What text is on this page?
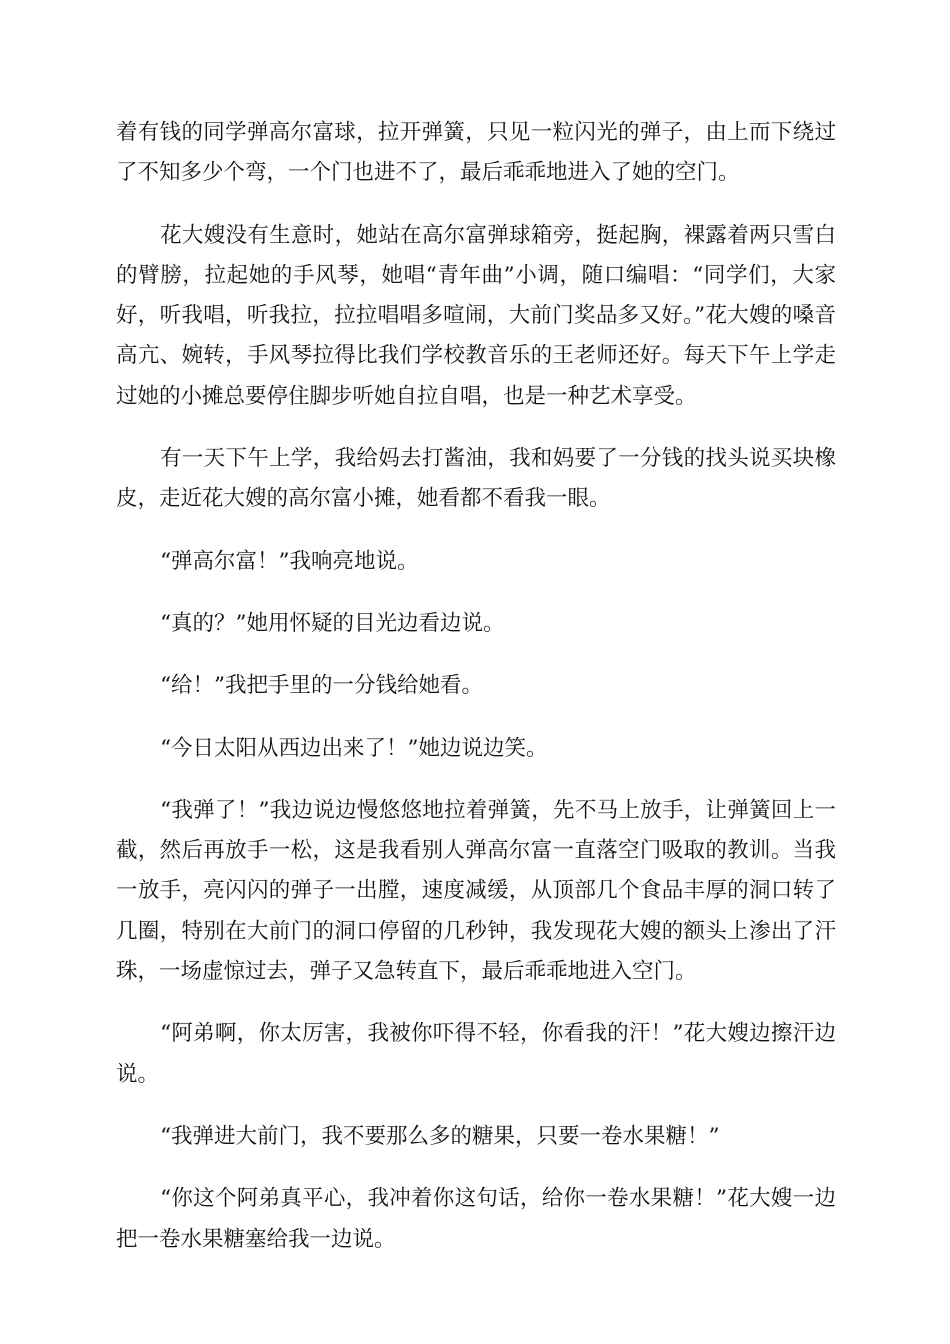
着有钱的同学弹高尔富球，拉开弹簧，只见一粒闪光的弹子，由上而下绕过了不知多少个弯，一个门也进不了，最后乖乖地进入了她的空门。

花大嫂没有生意时，她站在高尔富弹球箱旁，挺起胸，裸露着两只雪白的臂膀，拉起她的手风琴，她唱“青年曲”小调，随口编唱：“同学们，大家好，听我唱，听我拉，拉拉唱唱多喧闹，大前门奖品多又好。”花大嫂的嗓音高亢、婉转，手风琴拉得比我们学校教音乐的王老师还好。每天下午上学走过她的小摊总要停住脚步听她自拉自唱，也是一种艺术享受。

有一天下午上学，我给妈去打酱油，我和妈要了一分钱的找头说买块橡皮，走近花大嫂的高尔富小摊，她看都不看我一眼。

“弹高尔富！”我响亮地说。

“真的？”她用怀疑的目光边看边说。

“给！”我把手里的一分钱给她看。

“今日太阳从西边出来了！”她边说边笑。

“我弹了！”我边说边慢悠悠地拉着弹簧，先不马上放手，让弹簧回上一截，然后再放手一松，这是我看别人弹高尔富一直落空门吸取的教训。当我一放手，亮闪闪的弹子一出膛，速度减缓，从顶部几个食品丰厚的洞口转了几圈，特别在大前门的洞口停留的几秒钟，我发现花大嫂的额头上渗出了汗珠，一场虚惊过去，弹子又急转直下，最后乖乖地进入空门。

“阿弟啊，你太厉害，我被你吓得不轻，你看我的汗！”花大嫂边擦汗边说。

“我弹进大前门，我不要那么多的糖果，只要一卷水果糖！”

“你这个阿弟真平心，我冲着你这句话，给你一卷水果糖！”花大嫂一边把一卷水果糖塞给我一边说。
